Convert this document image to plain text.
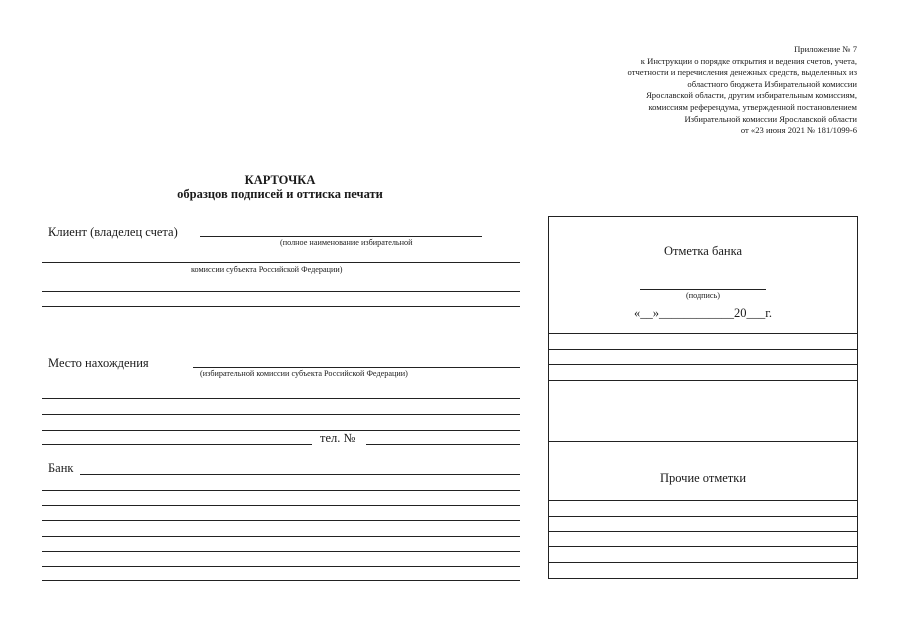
Приложение № 7
к Инструкции о порядке открытия и ведения счетов, учета,
отчетности и перечисления денежных средств, выделенных из
областного бюджета Избирательной комиссии
Ярославской области, другим избирательным комиссиям,
комиссиям референдума, утвержденной постановлением
Избирательной комиссии Ярославской области
от «23 июня 2021 № 181/1099-6
КАРТОЧКА
образцов подписей и оттиска печати
Клиент (владелец счета)
(полное наименование избирательной
комиссии субъекта Российской Федерации)
Место нахождения
(избирательной комиссии субъекта Российской Федерации)
тел. №
Банк
Отметка банка
(подпись)
«__»____________20___г.
Прочие отметки
